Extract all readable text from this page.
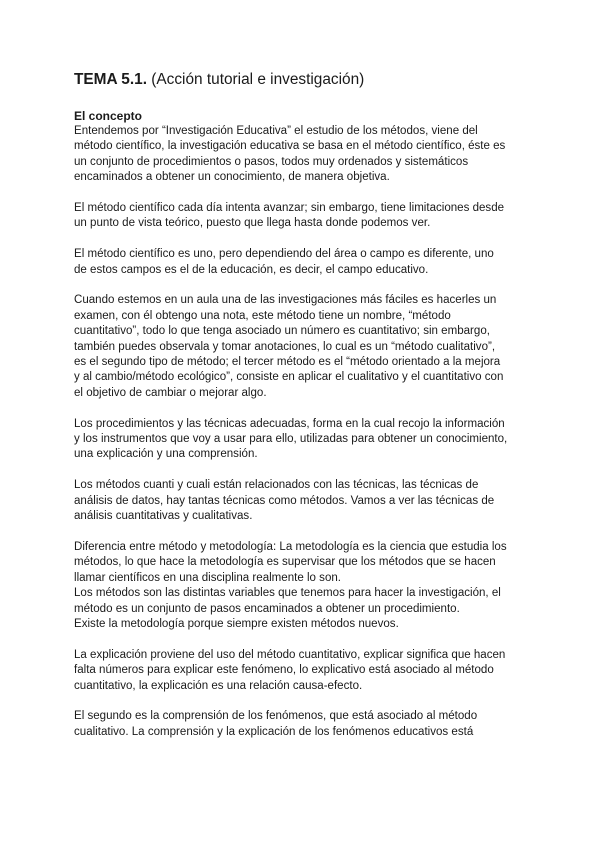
TEMA 5.1. (Acción tutorial e investigación)
El concepto

Entendemos por “Investigación Educativa” el estudio de los métodos, viene del
método científico, la investigación educativa se basa en el método científico, éste es
un conjunto de procedimientos o pasos, todos muy ordenados y sistemáticos
encaminados a obtener un conocimiento, de manera objetiva.

El método científico cada día intenta avanzar; sin embargo, tiene limitaciones desde
un punto de vista teórico, puesto que llega hasta donde podemos ver.

El método científico es uno, pero dependiendo del área o campo es diferente, uno
de estos campos es el de la educación, es decir, el campo educativo.

Cuando estemos en un aula una de las investigaciones más fáciles es hacerles un
examen, con él obtengo una nota, este método tiene un nombre, “método
cuantitativo”, todo lo que tenga asociado un número es cuantitativo; sin embargo,
también puedes observala y tomar anotaciones, lo cual es un “método cualitativo”,
es el segundo tipo de método; el tercer método es el “método orientado a la mejora
y al cambio/método ecológico”, consiste en aplicar el cualitativo y el cuantitativo con
el objetivo de cambiar o mejorar algo.

Los procedimientos y las técnicas adecuadas, forma en la cual recojo la información
y los instrumentos que voy a usar para ello, utilizadas para obtener un conocimiento,
una explicación y una comprensión.

Los métodos cuanti y cuali están relacionados con las técnicas, las técnicas de
análisis de datos, hay tantas técnicas como métodos. Vamos a ver las técnicas de
análisis cuantitativas y cualitativas.

Diferencia entre método y metodología: La metodología es la ciencia que estudia los
métodos, lo que hace la metodología es supervisar que los métodos que se hacen
llamar científicos en una disciplina realmente lo son.
Los métodos son las distintas variables que tenemos para hacer la investigación, el
método es un conjunto de pasos encaminados a obtener un procedimiento.
Existe la metodología porque siempre existen métodos nuevos.

La explicación proviene del uso del método cuantitativo, explicar significa que hacen
falta números para explicar este fenómeno, lo explicativo está asociado al método
cuantitativo, la explicación es una relación causa-efecto.

El segundo es la comprensión de los fenómenos, que está asociado al método
cualitativo. La comprensión y la explicación de los fenómenos educativos está
